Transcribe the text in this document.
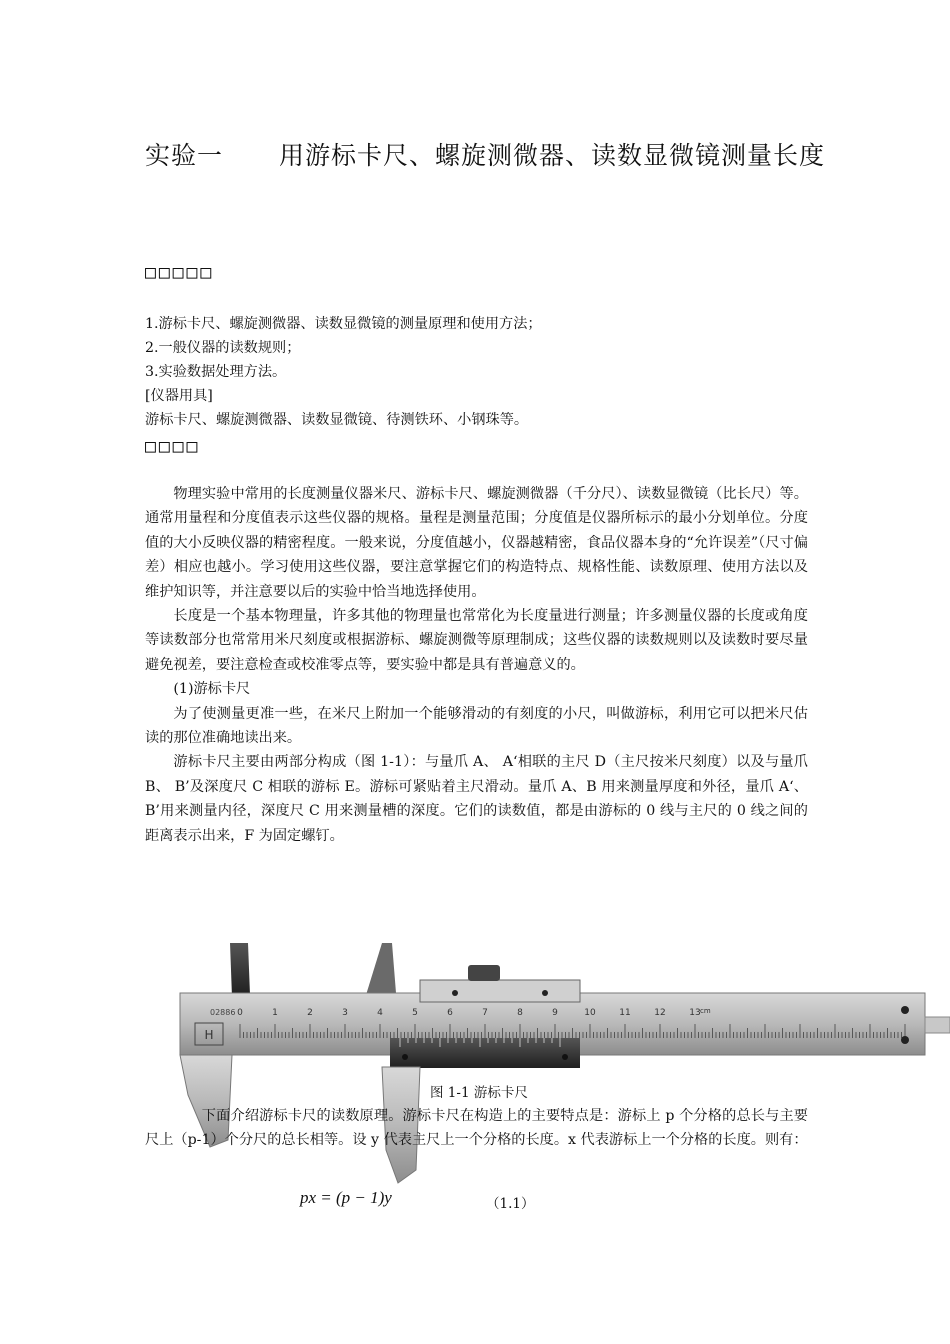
实验一 用游标卡尺、螺旋测微器、读数显微镜测量长度
□□□□□
1.游标卡尺、螺旋测微器、读数显微镜的测量原理和使用方法；
2.一般仪器的读数规则；
3.实验数据处理方法。
[仪器用具]
游标卡尺、螺旋测微器、读数显微镜、待测铁环、小钢珠等。
□□□□

物理实验中常用的长度测量仪器米尺、游标卡尺、螺旋测微器（千分尺）、读数显微镜（比长尺）等。通常用量程和分度值表示这些仪器的规格。量程是测量范围；分度值是仪器所标示的最小分划单位。分度值的大小反映仪器的精密程度。一般来说，分度值越小，仪器越精密，食品仪器本身的“允许误差”（尺寸偏差）相应也越小。学习使用这些仪器，要注意掌握它们的构造特点、规格性能、读数原理、使用方法以及维护知识等，并注意要以后的实验中恰当地选择使用。

长度是一个基本物理量，许多其他的物理量也常常化为长度量进行测量；许多测量仪器的长度或角度等读数部分也常常用米尺刻度或根据游标、螺旋测微等原理制成；这些仪器的读数规则以及读数时要尽量避免视差，要注意检查或校准零点等，要实验中都是具有普遍意义的。

(1)游标卡尺

为了使测量更准一些，在米尺上附加一个能够滑动的有刻度的小尺，叫做游标，利用它可以把米尺估读的那位准确地读出来。

游标卡尺主要由两部分构成（图 1-1）：与量爪 A、 A‘相联的主尺 D（主尺按米尺刻度）以及与量爪 B、 B’及深度尺 C 相联的游标 E。游标可紧贴着主尺滑动。量爪 A、B 用来测量厚度和外径，量爪 A‘、B’用来测量内径，深度尺 C 用来测量槽的深度。它们的读数值，都是由游标的 0 线与主尺的 0 线之间的距离表示出来，F 为固定螺钉。

H
02886 0	1	2	3	4	5	6	7	8	9	10	11	12	13 cm
图 1-1 游标卡尺

下面介绍游标卡尺的读数原理。游标卡尺在构造上的主要特点是：游标上 p 个分格的总长与主要尺上（p-1）个分尺的总长相等。设 y 代表主尺上一个分格的长度。x 代表游标上一个分格的长度。则有：

px = (p − 1)y	（1.1）
